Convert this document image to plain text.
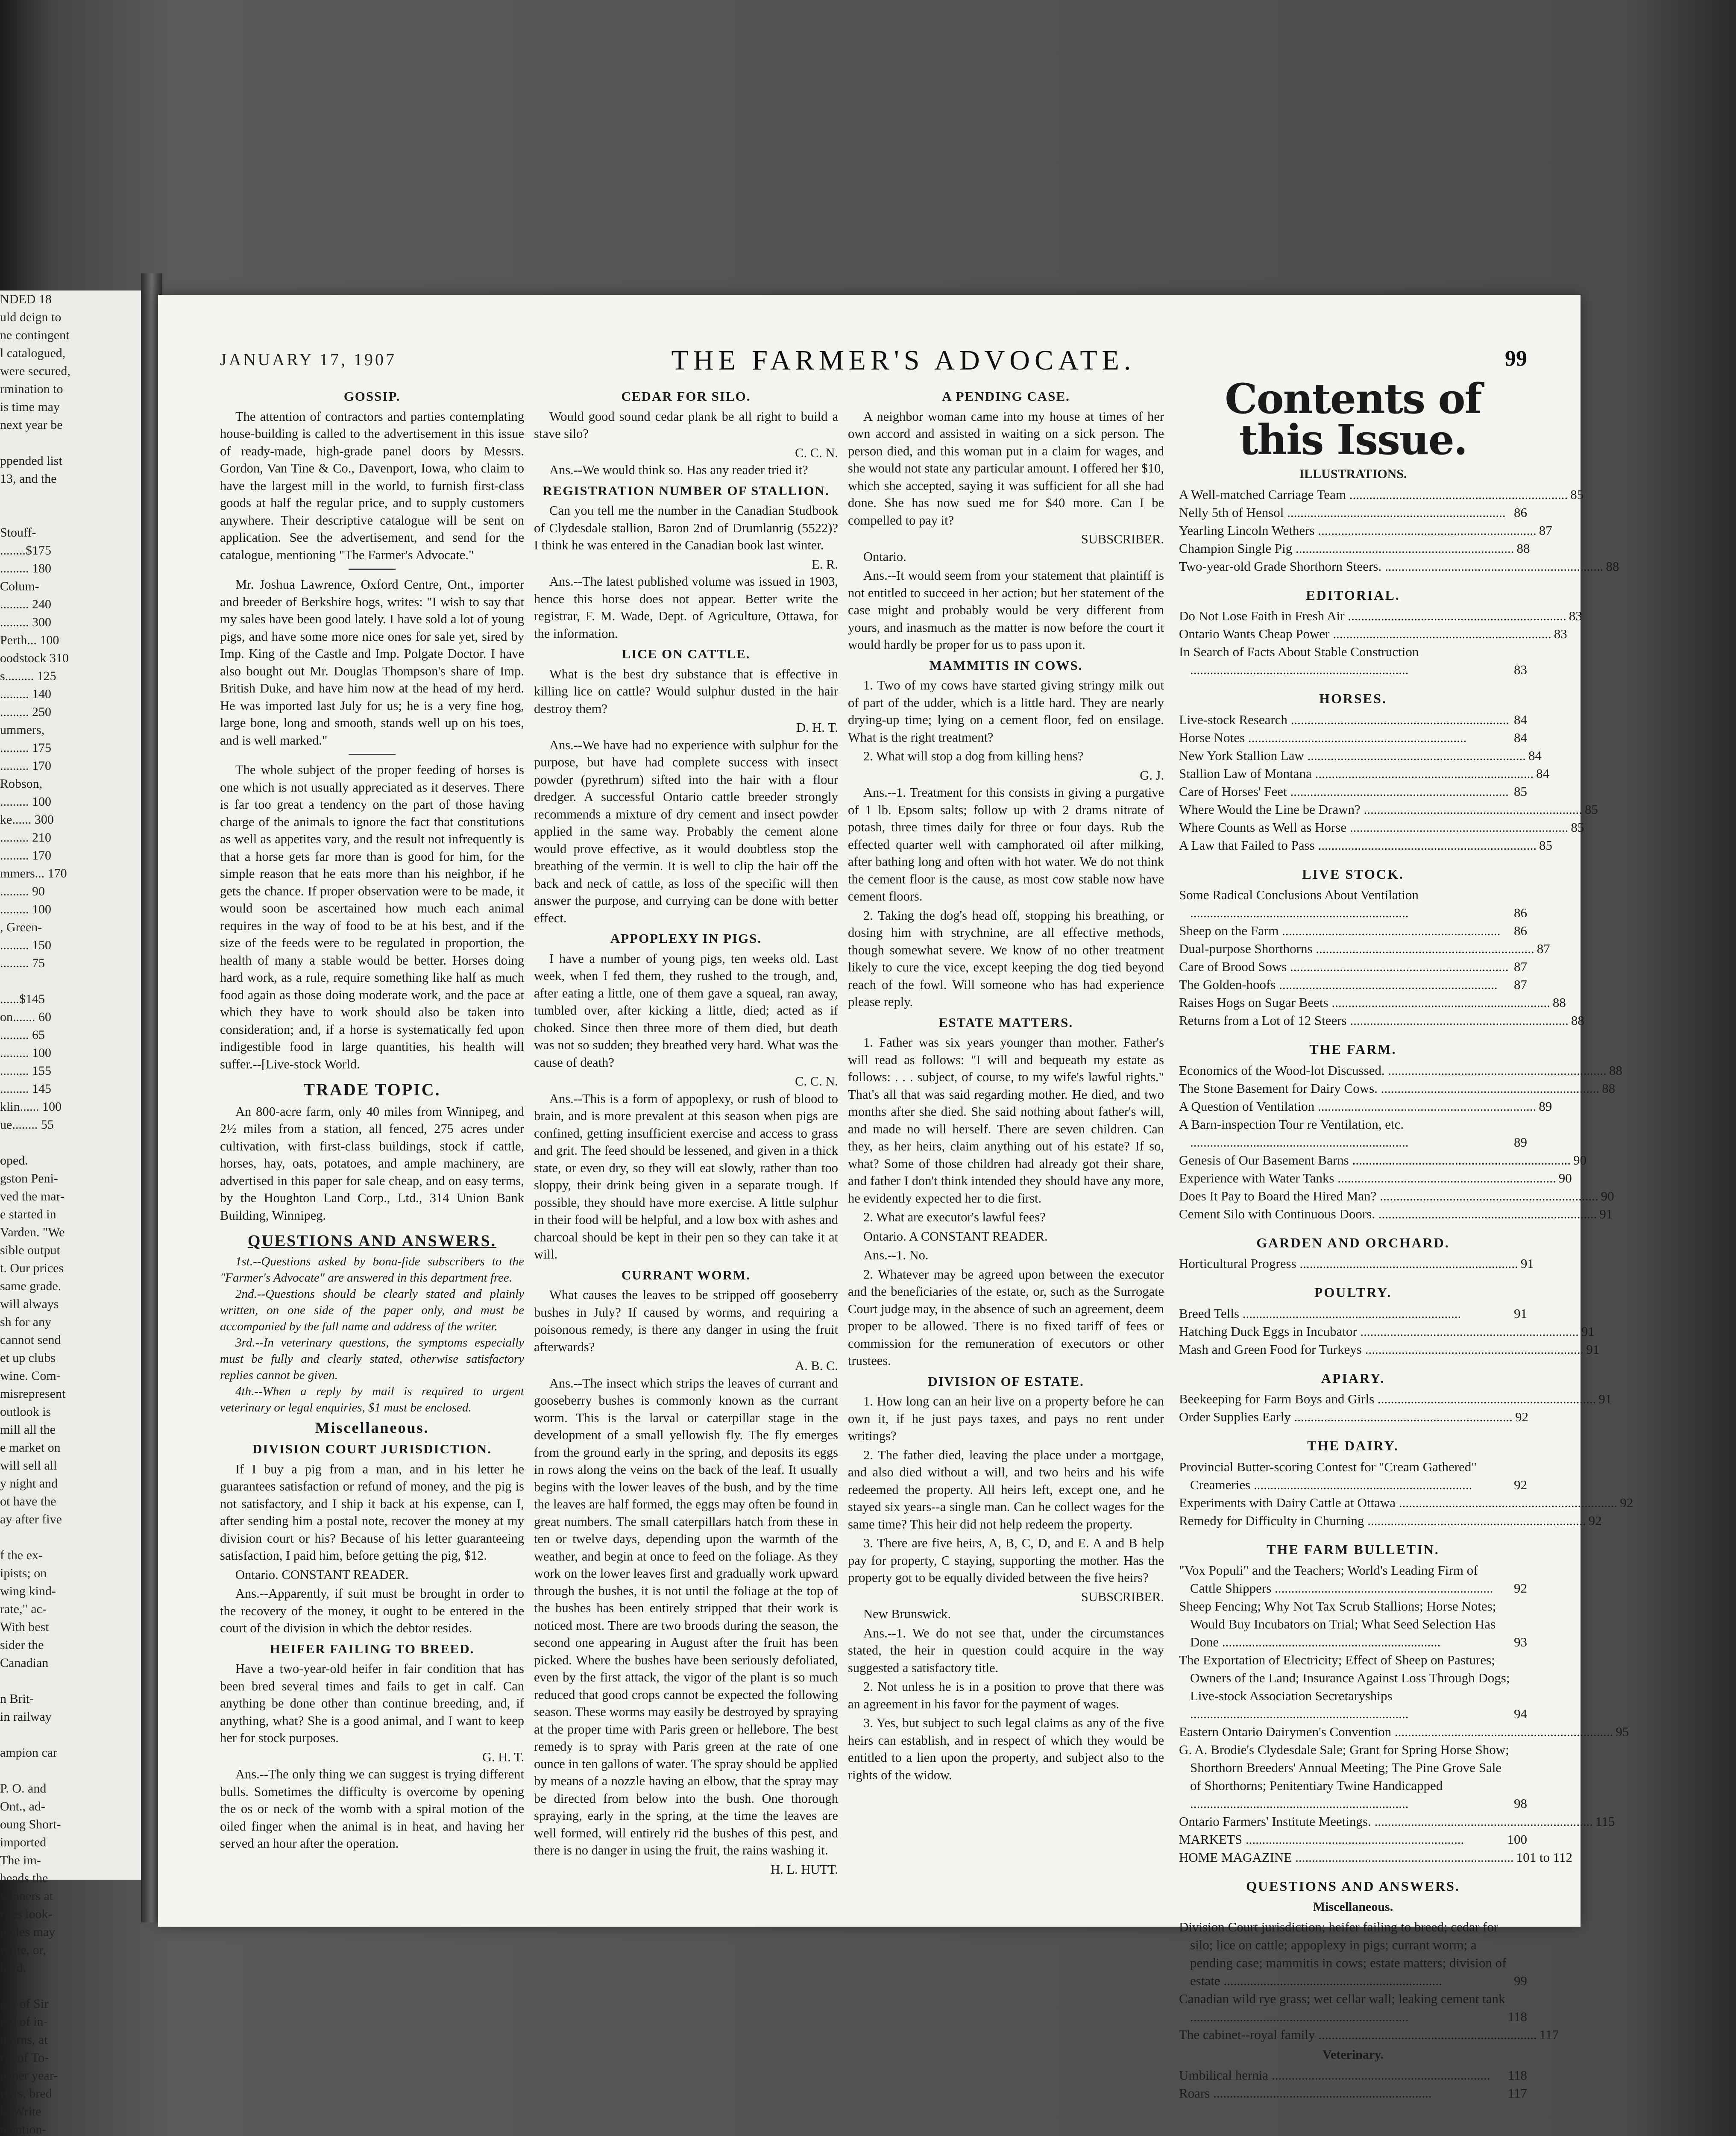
NDED 18
uld deign to
ne contingent
l catalogued,
were secured,
rmination to
is time may
next year be

ppended list
13, and the

Stouff-
........$175
......... 180
Colum-
......... 240
......... 300
Perth... 100
oodstock 310
s......... 125
......... 140
......... 250
ummers,
......... 175
......... 170
Robson,
......... 100
ke...... 300
......... 210
......... 170
mmers... 170
......... 90
......... 100
, Green-
......... 150
......... 75

......$145
on....... 60
......... 65
......... 100
......... 155
......... 145
klin...... 100
ue........ 55

oped.
gston Peni-
ved the mar-
e started in
Varden. "We
sible output
t. Our prices
same grade.
will always
sh for any
cannot send
et up clubs
wine. Com-
misrepresent
outlook is
mill all the
e market on
will sell all
y night and
ot have the
ay after five

f the ex-
ipists; on
wing kind-
rate," ac-
With best
sider the
Canadian

n Brit-
in railway

ampion car

P. O. and
Ont., ad-
oung Short-
imported
The im-
heads the
winners at
rties look-
males may
write, or,
herd.

ger of Sir
erd of in-
thorns, at
rth of To-
paper year-
ifers, bred
k. Write
mention-
JANUARY 17, 1907	THE FARMER'S ADVOCATE.	99
GOSSIP.

The attention of contractors and parties contemplating house-building is called to the advertisement in this issue of ready-made, high-grade panel doors by Messrs. Gordon, Van Tine & Co., Davenport, Iowa, who claim to have the largest mill in the world, to furnish first-class goods at half the regular price, and to supply customers anywhere. Their descriptive catalogue will be sent on application. See the advertisement, and send for the catalogue, mentioning "The Farmer's Advocate."

Mr. Joshua Lawrence, Oxford Centre, Ont., importer and breeder of Berkshire hogs, writes: "I wish to say that my sales have been good lately. I have sold a lot of young pigs, and have some more nice ones for sale yet, sired by Imp. King of the Castle and Imp. Polgate Doctor. I have also bought out Mr. Douglas Thompson's share of Imp. British Duke, and have him now at the head of my herd. He was imported last July for us; he is a very fine hog, large bone, long and smooth, stands well up on his toes, and is well marked."

The whole subject of the proper feeding of horses is one which is not usually appreciated as it deserves. There is far too great a tendency on the part of those having charge of the animals to ignore the fact that constitutions as well as appetites vary, and the result not infrequently is that a horse gets far more than is good for him, for the simple reason that he eats more than his neighbor, if he gets the chance. If proper observation were to be made, it would soon be ascertained how much each animal requires in the way of food to be at his best, and if the size of the feeds were to be regulated in proportion, the health of many a stable would be better. Horses doing hard work, as a rule, require something like half as much food again as those doing moderate work, and the pace at which they have to work should also be taken into consideration; and, if a horse is systematically fed upon indigestible food in large quantities, his health will suffer.--[Live-stock World.

TRADE TOPIC.

An 800-acre farm, only 40 miles from Winnipeg, and 2½ miles from a station, all fenced, 275 acres under cultivation, with first-class buildings, stock if cattle, horses, hay, oats, potatoes, and ample machinery, are advertised in this paper for sale cheap, and on easy terms, by the Houghton Land Corp., Ltd., 314 Union Bank Building, Winnipeg.

QUESTIONS AND ANSWERS.
1st.--Questions asked by bona-fide subscribers to the "Farmer's Advocate" are answered in this department free.
2nd.--Questions should be clearly stated and plainly written, on one side of the paper only, and must be accompanied by the full name and address of the writer.
3rd.--In veterinary questions, the symptoms especially must be fully and clearly stated, otherwise satisfactory replies cannot be given.
4th.--When a reply by mail is required to urgent veterinary or legal enquiries, $1 must be enclosed.
Miscellaneous.
DIVISION COURT JURISDICTION.

If I buy a pig from a man, and in his letter he guarantees satisfaction or refund of money, and the pig is not satisfactory, and I ship it back at his expense, can I, after sending him a postal note, recover the money at my division court or his? Because of his letter guaranteeing satisfaction, I paid him, before getting the pig, $12.

Ontario. CONSTANT READER.

Ans.--Apparently, if suit must be brought in order to the recovery of the money, it ought to be entered in the court of the division in which the debtor resides.

HEIFER FAILING TO BREED.

Have a two-year-old heifer in fair condition that has been bred several times and fails to get in calf. Can anything be done other than continue breeding, and, if anything, what? She is a good animal, and I want to keep her for stock purposes.

G. H. T.

Ans.--The only thing we can suggest is trying different bulls. Sometimes the difficulty is overcome by opening the os or neck of the womb with a spiral motion of the oiled finger when the animal is in heat, and having her served an hour after the operation.

CEDAR FOR SILO.

Would good sound cedar plank be all right to build a stave silo?

C. C. N.

Ans.--We would think so. Has any reader tried it?

REGISTRATION NUMBER OF STALLION.

Can you tell me the number in the Canadian Studbook of Clydesdale stallion, Baron 2nd of Drumlanrig (5522)? I think he was entered in the Canadian book last winter.

E. R.

Ans.--The latest published volume was issued in 1903, hence this horse does not appear. Better write the registrar, F. M. Wade, Dept. of Agriculture, Ottawa, for the information.

LICE ON CATTLE.

What is the best dry substance that is effective in killing lice on cattle? Would sulphur dusted in the hair destroy them?

D. H. T.

Ans.--We have had no experience with sulphur for the purpose, but have had complete success with insect powder (pyrethrum) sifted into the hair with a flour dredger. A successful Ontario cattle breeder strongly recommends a mixture of dry cement and insect powder applied in the same way. Probably the cement alone would prove effective, as it would doubtless stop the breathing of the vermin. It is well to clip the hair off the back and neck of cattle, as loss of the specific will then answer the purpose, and currying can be done with better effect.

APPOPLEXY IN PIGS.

I have a number of young pigs, ten weeks old. Last week, when I fed them, they rushed to the trough, and, after eating a little, one of them gave a squeal, ran away, tumbled over, after kicking a little, died; acted as if choked. Since then three more of them died, but death was not so sudden; they breathed very hard. What was the cause of death?

C. C. N.

Ans.--This is a form of appoplexy, or rush of blood to brain, and is more prevalent at this season when pigs are confined, getting insufficient exercise and access to grass and grit. The feed should be lessened, and given in a thick state, or even dry, so they will eat slowly, rather than too sloppy, their drink being given in a separate trough. If possible, they should have more exercise. A little sulphur in their food will be helpful, and a low box with ashes and charcoal should be kept in their pen so they can take it at will.

CURRANT WORM.

What causes the leaves to be stripped off gooseberry bushes in July? If caused by worms, and requiring a poisonous remedy, is there any danger in using the fruit afterwards?

A. B. C.

Ans.--The insect which strips the leaves of currant and gooseberry bushes is commonly known as the currant worm. This is the larval or caterpillar stage in the development of a small yellowish fly. The fly emerges from the ground early in the spring, and deposits its eggs in rows along the veins on the back of the leaf. It usually begins with the lower leaves of the bush, and by the time the leaves are half formed, the eggs may often be found in great numbers. The small caterpillars hatch from these in ten or twelve days, depending upon the warmth of the weather, and begin at once to feed on the foliage. As they work on the lower leaves first and gradually work upward through the bushes, it is not until the foliage at the top of the bushes has been entirely stripped that their work is noticed most. There are two broods during the season, the second one appearing in August after the fruit has been picked. Where the bushes have been seriously defoliated, even by the first attack, the vigor of the plant is so much reduced that good crops cannot be expected the following season. These worms may easily be destroyed by spraying at the proper time with Paris green or hellebore. The best remedy is to spray with Paris green at the rate of one ounce in ten gallons of water. The spray should be applied by means of a nozzle having an elbow, that the spray may be directed from below into the bush. One thorough spraying, early in the spring, at the time the leaves are well formed, will entirely rid the bushes of this pest, and there is no danger in using the fruit, the rains washing it.

H. L. HUTT.
A PENDING CASE.

A neighbor woman came into my house at times of her own accord and assisted in waiting on a sick person. The person died, and this woman put in a claim for wages, and she would not state any particular amount. I offered her $10, which she accepted, saying it was sufficient for all she had done. She has now sued me for $40 more. Can I be compelled to pay it?

SUBSCRIBER.

Ontario.

Ans.--It would seem from your statement that plaintiff is not entitled to succeed in her action; but her statement of the case might and probably would be very different from yours, and inasmuch as the matter is now before the court it would hardly be proper for us to pass upon it.

MAMMITIS IN COWS.

1. Two of my cows have started giving stringy milk out of part of the udder, which is a little hard. They are nearly drying-up time; lying on a cement floor, fed on ensilage. What is the right treatment?

2. What will stop a dog from killing hens?

G. J.

Ans.--1. Treatment for this consists in giving a purgative of 1 lb. Epsom salts; follow up with 2 drams nitrate of potash, three times daily for three or four days. Rub the effected quarter well with camphorated oil after milking, after bathing long and often with hot water. We do not think the cement floor is the cause, as most cow stable now have cement floors.

2. Taking the dog's head off, stopping his breathing, or dosing him with strychnine, are all effective methods, though somewhat severe. We know of no other treatment likely to cure the vice, except keeping the dog tied beyond reach of the fowl. Will someone who has had experience please reply.

ESTATE MATTERS.

1. Father was six years younger than mother. Father's will read as follows: "I will and bequeath my estate as follows: . . . subject, of course, to my wife's lawful rights." That's all that was said regarding mother. He died, and two months after she died. She said nothing about father's will, and made no will herself. There are seven children. Can they, as her heirs, claim anything out of his estate? If so, what? Some of those children had already got their share, and father I don't think intended they should have any more, he evidently expected her to die first.

2. What are executor's lawful fees?

Ontario. A CONSTANT READER.

Ans.--1. No.

2. Whatever may be agreed upon between the executor and the beneficiaries of the estate, or, such as the Surrogate Court judge may, in the absence of such an agreement, deem proper to be allowed. There is no fixed tariff of fees or commission for the remuneration of executors or other trustees.

DIVISION OF ESTATE.

1. How long can an heir live on a property before he can own it, if he just pays taxes, and pays no rent under writings?

2. The father died, leaving the place under a mortgage, and also died without a will, and two heirs and his wife redeemed the property. All heirs left, except one, and he stayed six years--a single man. Can he collect wages for the same time? This heir did not help redeem the property.

3. There are five heirs, A, B, C, D, and E. A and B help pay for property, C staying, supporting the mother. Has the property got to be equally divided between the five heirs?

SUBSCRIBER.

New Brunswick.

Ans.--1. We do not see that, under the circumstances stated, the heir in question could acquire in the way suggested a satisfactory title.

2. Not unless he is in a position to prove that there was an agreement in his favor for the payment of wages.

3. Yes, but subject to such legal claims as any of the five heirs can establish, and in respect of which they would be entitled to a lien upon the property, and subject also to the rights of the widow.

Contents of this Issue.
ILLUSTRATIONS.
A Well-matched Carriage Team .....	85
Nelly 5th of Hensol .....	86
Yearling Lincoln Wethers .....	87
Champion Single Pig .....	88
Two-year-old Grade Shorthorn Steers. .....	88
EDITORIAL.
Do Not Lose Faith in Fresh Air .....	83
Ontario Wants Cheap Power .....	83
In Search of Facts About Stable Construction .....
83
HORSES.
Live-stock Research .....	84
Horse Notes .....	84
New York Stallion Law .....	84
Stallion Law of Montana .....	84
Care of Horses' Feet .....	85
Where Would the Line be Drawn? .....	85
Where Counts as Well as Horse .....	85
A Law that Failed to Pass .....	85
LIVE STOCK.
Some Radical Conclusions About Ventilation .....
86
Sheep on the Farm .....	86
Dual-purpose Shorthorns .....	87
Care of Brood Sows .....	87
The Golden-hoofs .....	87
Raises Hogs on Sugar Beets .....	88
Returns from a Lot of 12 Steers .....	88
THE FARM.
Economics of the Wood-lot Discussed. .....	88
The Stone Basement for Dairy Cows. .....	88
A Question of Ventilation .....	89
A Barn-inspection Tour re Ventilation, etc. .....
89
Genesis of Our Basement Barns .....	90
Experience with Water Tanks .....	90
Does It Pay to Board the Hired Man? .....	90
Cement Silo with Continuous Doors. .....	91
GARDEN AND ORCHARD.
Horticultural Progress .....	91
POULTRY.
Breed Tells .....	91
Hatching Duck Eggs in Incubator .....	91
Mash and Green Food for Turkeys .....	91
APIARY.
Beekeeping for Farm Boys and Girls .....	91
Order Supplies Early .....	92
THE DAIRY.
Provincial Butter-scoring Contest for "Cream Gathered" Creameries .....	92
Experiments with Dairy Cattle at Ottawa .....	92
Remedy for Difficulty in Churning .....	92
THE FARM BULLETIN.
"Vox Populi" and the Teachers; World's Leading Firm of Cattle Shippers .....	92
Sheep Fencing; Why Not Tax Scrub Stallions; Horse Notes; Would Buy Incubators on Trial; What Seed Selection Has Done .....	93
The Exportation of Electricity; Effect of Sheep on Pastures; Owners of the Land; Insurance Against Loss Through Dogs; Live-stock Association Secretaryships .....
94
Eastern Ontario Dairymen's Convention .....	95
G. A. Brodie's Clydesdale Sale; Grant for Spring Horse Show; Shorthorn Breeders' Annual Meeting; The Pine Grove Sale of Shorthorns; Penitentiary Twine Handicapped .....
98
Ontario Farmers' Institute Meetings. .....	115
MARKETS .....	100
HOME MAGAZINE .....	101 to 112
QUESTIONS AND ANSWERS.
Miscellaneous.
Division Court jurisdiction; heifer failing to breed; cedar for silo; lice on cattle; appoplexy in pigs; currant worm; a pending case; mammitis in cows; estate matters; division of estate .....	99
Canadian wild rye grass; wet cellar wall; leaking cement tank .....
118
The cabinet--royal family .....	117
Veterinary.
Umbilical hernia .....	118
Roars .....	117
